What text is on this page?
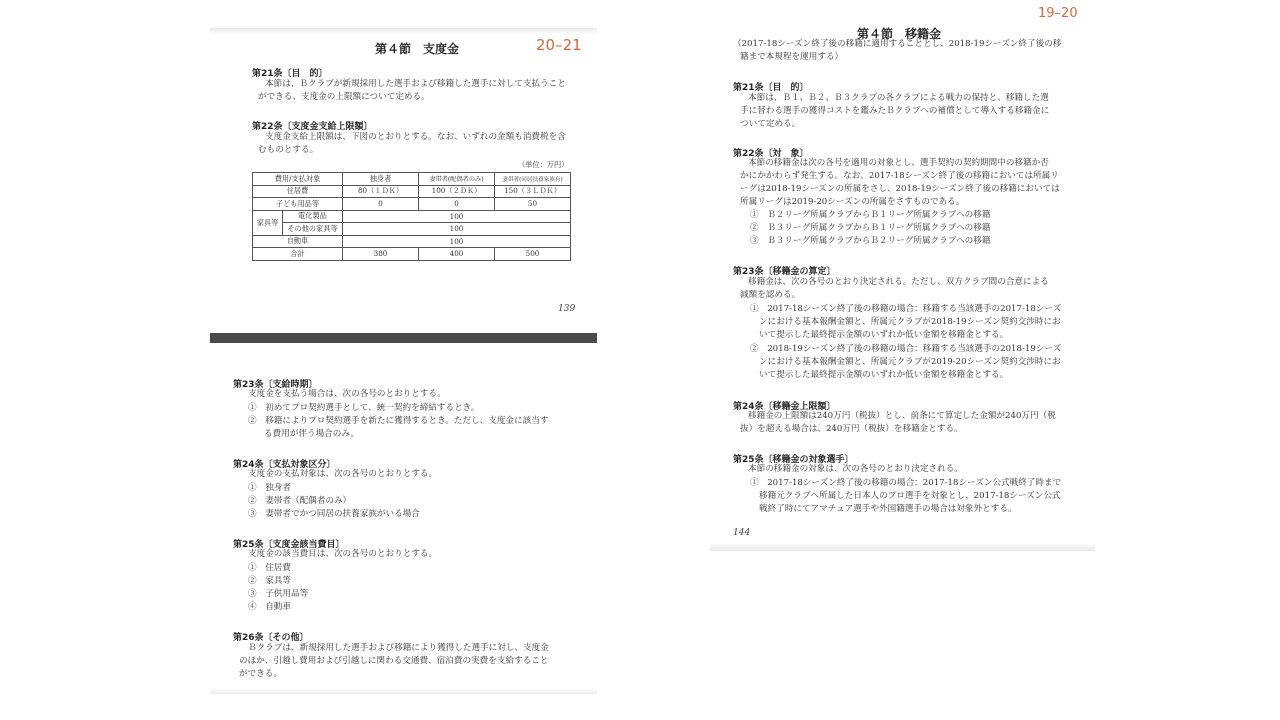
第４節　支度金	20–21
第21条〔目　的〕
本節は、Ｂクラブが新規採用した選手および移籍した選手に対して支払うこと
ができる、支度金の上限額について定める。
第22条〔支度金支給上限額〕
支度金支給上限額は、下図のとおりとする。なお、いずれの金額も消費税を含
むものとする。
（単位：万円）
費用/支払対象		独身者	妻帯者(配偶者のみ)	妻帯者(同居扶養家族有)
住居費		80（１ＤＫ）	100（２ＤＫ）	150（３ＬＤＫ）
子ども用品等		0	0	50
家具等	電化製品	100		
	その他の家具等	100		
自動車		100		
合計		380	400	500
139
第23条〔支給時期〕
支度金を支払う場合は、次の各号のとおりとする。
①　初めてプロ契約選手として、統一契約を締結するとき。
②　移籍によりプロ契約選手を新たに獲得するとき。ただし、支度金に該当す
る費用が伴う場合のみ。
第24条〔支払対象区分〕
支度金の支払対象は、次の各号のとおりとする。
①　独身者
②　妻帯者（配偶者のみ）
③　妻帯者でかつ同居の扶養家族がいる場合
第25条〔支度金該当費目〕
支度金の該当費目は、次の各号のとおりとする。
①　住居費
②　家具等
③　子供用品等
④　自動車
第26条〔その他〕
Ｂクラブは、新規採用した選手および移籍により獲得した選手に対し、支度金
のほか、引越し費用および引越しに関わる交通費、宿泊費の実費を支給すること
ができる。
19–20
第４節　移籍金
（2017-18シーズン終了後の移籍に適用することとし、2018-19シーズン終了後の移
籍まで本規程を運用する）
第21条〔目　的〕
本節は、Ｂ１、Ｂ２、Ｂ３クラブの各クラブによる戦力の保持と、移籍した選
手に替わる選手の獲得コストを鑑みたＢクラブへの補償として導入する移籍金に
ついて定める。
第22条〔対　象〕
本節の移籍金は次の各号を適用の対象とし、選手契約の契約期間中の移籍か否
かにかかわらず発生する。なお、2017-18シーズン終了後の移籍においては所属リ
ーグは2018-19シーズンの所属をさし、2018-19シーズン終了後の移籍においては
所属リーグは2019-20シーズンの所属をさすものである。
①　Ｂ２リーグ所属クラブからＢ１リーグ所属クラブへの移籍
②　Ｂ３リーグ所属クラブからＢ１リーグ所属クラブへの移籍
③　Ｂ３リーグ所属クラブからＢ２リーグ所属クラブへの移籍
第23条〔移籍金の算定〕
移籍金は、次の各号のとおり決定される。ただし、双方クラブ間の合意による
減額を認める。
①　2017-18シーズン終了後の移籍の場合：移籍する当該選手の2017-18シーズ
ンにおける基本報酬金額と、所属元クラブが2018-19シーズン契約交渉時にお
いて提示した最終提示金額のいずれか低い金額を移籍金とする。
②　2018-19シーズン終了後の移籍の場合：移籍する当該選手の2018-19シーズ
ンにおける基本報酬金額と、所属元クラブが2019-20シーズン契約交渉時にお
いて提示した最終提示金額のいずれか低い金額を移籍金とする。
第24条〔移籍金上限額〕
移籍金の上限額は240万円（税抜）とし、前条にて算定した金額が240万円（税
抜）を超える場合は、240万円（税抜）を移籍金とする。
第25条〔移籍金の対象選手〕
本節の移籍金の対象は、次の各号のとおり決定される。
①　2017-18シーズン終了後の移籍の場合：2017-18シーズン公式戦終了時まで
移籍元クラブへ所属した日本人のプロ選手を対象とし、2017-18シーズン公式
戦終了時にてアマチュア選手や外国籍選手の場合は対象外とする。
144
